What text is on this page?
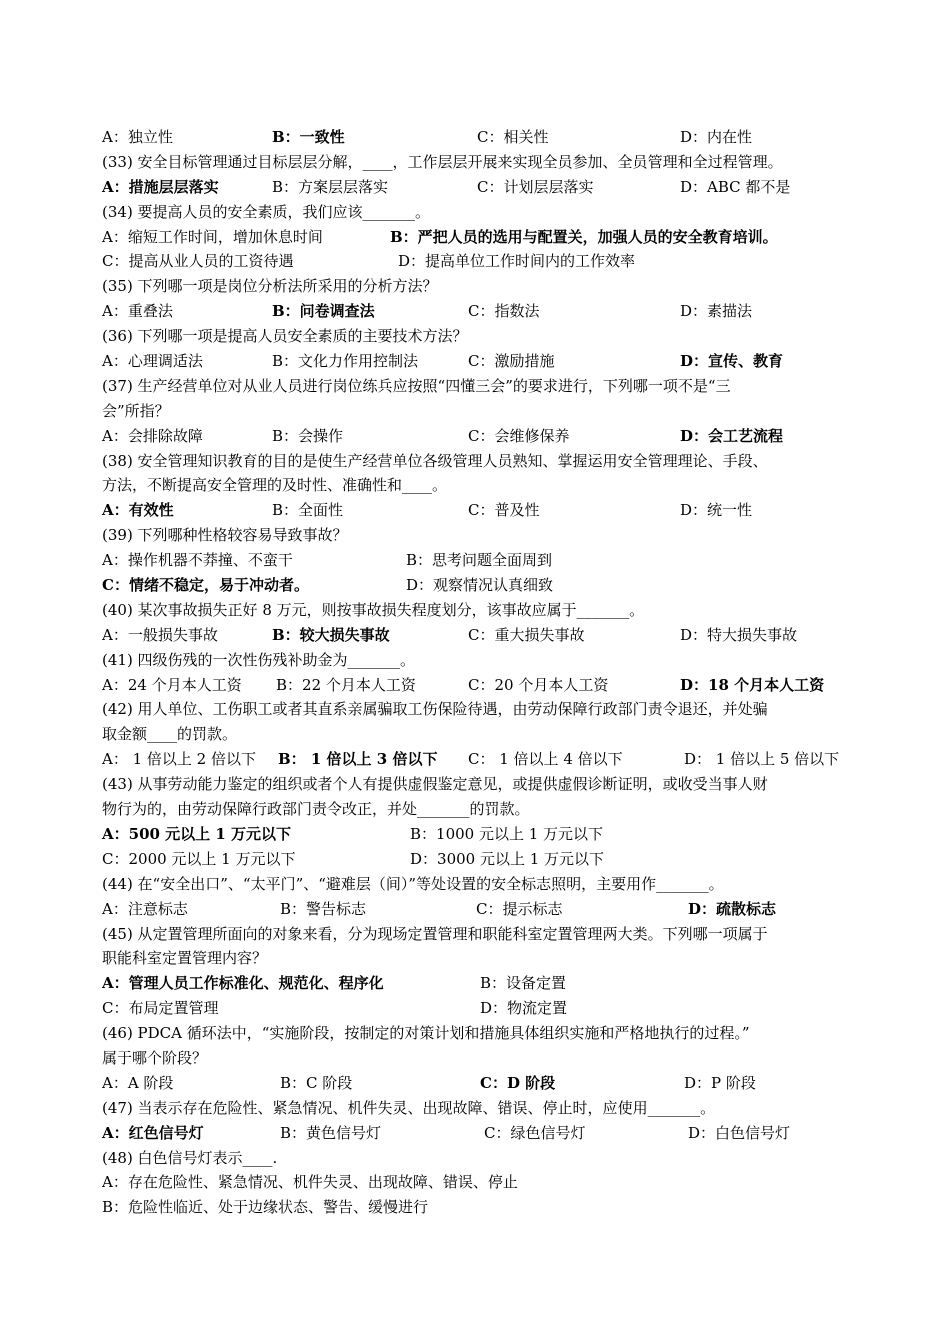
A：独立性	B：一致性	C：相关性	D：内在性
(33) 安全目标管理通过目标层层分解，____，工作层层开展来实现全员参加、全员管理和全过程管理。
A：措施层层落实	B：方案层层落实	C：计划层层落实	D：ABC 都不是
(34) 要提高人员的安全素质，我们应该_______。
A：缩短工作时间，增加休息时间	B：严把人员的选用与配置关，加强人员的安全教育培训。
C：提高从业人员的工资待遇	D：提高单位工作时间内的工作效率
(35) 下列哪一项是岗位分析法所采用的分析方法？
A：重叠法	B：问卷调查法	C：指数法	D：素描法
(36) 下列哪一项是提高人员安全素质的主要技术方法？
A：心理调适法	B：文化力作用控制法	C：激励措施	D：宣传、教育
(37) 生产经营单位对从业人员进行岗位练兵应按照“四懂三会”的要求进行，下列哪一项不是“三
会”所指？
A：会排除故障	B：会操作	C：会维修保养	D：会工艺流程
(38) 安全管理知识教育的目的是使生产经营单位各级管理人员熟知、掌握运用安全管理理论、手段、
方法，不断提高安全管理的及时性、准确性和____。
A：有效性	B：全面性	C：普及性	D：统一性
(39) 下列哪种性格较容易导致事故？
A：操作机器不莽撞、不蛮干	B：思考问题全面周到
C：情绪不稳定，易于冲动者。	D：观察情况认真细致
(40) 某次事故损失正好 8 万元，则按事故损失程度划分，该事故应属于_______。
A：一般损失事故	B：较大损失事故	C：重大损失事故	D：特大损失事故
(41) 四级伤残的一次性伤残补助金为_______。
A：24 个月本人工资 B：22 个月本人工资	C：20 个月本人工资	D：18 个月本人工资
(42) 用人单位、工伤职工或者其直系亲属骗取工伤保险待遇，由劳动保障行政部门责令退还，并处骗
取金额____的罚款。
A： 1 倍以上 2 倍以下 B： 1 倍以上 3 倍以下 C： 1 倍以上 4 倍以下	D： 1 倍以上 5 倍以下
(43) 从事劳动能力鉴定的组织或者个人有提供虚假鉴定意见，或提供虚假诊断证明，或收受当事人财
物行为的，由劳动保障行政部门责令改正，并处_______的罚款。
A：500 元以上 1 万元以下	B：1000 元以上 1 万元以下
C：2000 元以上 1 万元以下	D：3000 元以上 1 万元以下
(44) 在“安全出口”、“太平门”、“避难层（间）”等处设置的安全标志照明，主要用作_______。
A：注意标志	B：警告标志	C：提示标志	D：疏散标志
(45) 从定置管理所面向的对象来看，分为现场定置管理和职能科室定置管理两大类。下列哪一项属于
职能科室定置管理内容？
A：管理人员工作标准化、规范化、程序化	B：设备定置
C：布局定置管理	D：物流定置
(46) PDCA 循环法中，“实施阶段，按制定的对策计划和措施具体组织实施和严格地执行的过程。”
属于哪个阶段？
A：A 阶段	B：C 阶段	C：D 阶段	D：P 阶段
(47) 当表示存在危险性、紧急情况、机件失灵、出现故障、错误、停止时，应使用_______。
A：红色信号灯	B：黄色信号灯	C：绿色信号灯	D：白色信号灯
(48) 白色信号灯表示____.
A：存在危险性、紧急情况、机件失灵、出现故障、错误、停止
B：危险性临近、处于边缘状态、警告、缓慢进行
